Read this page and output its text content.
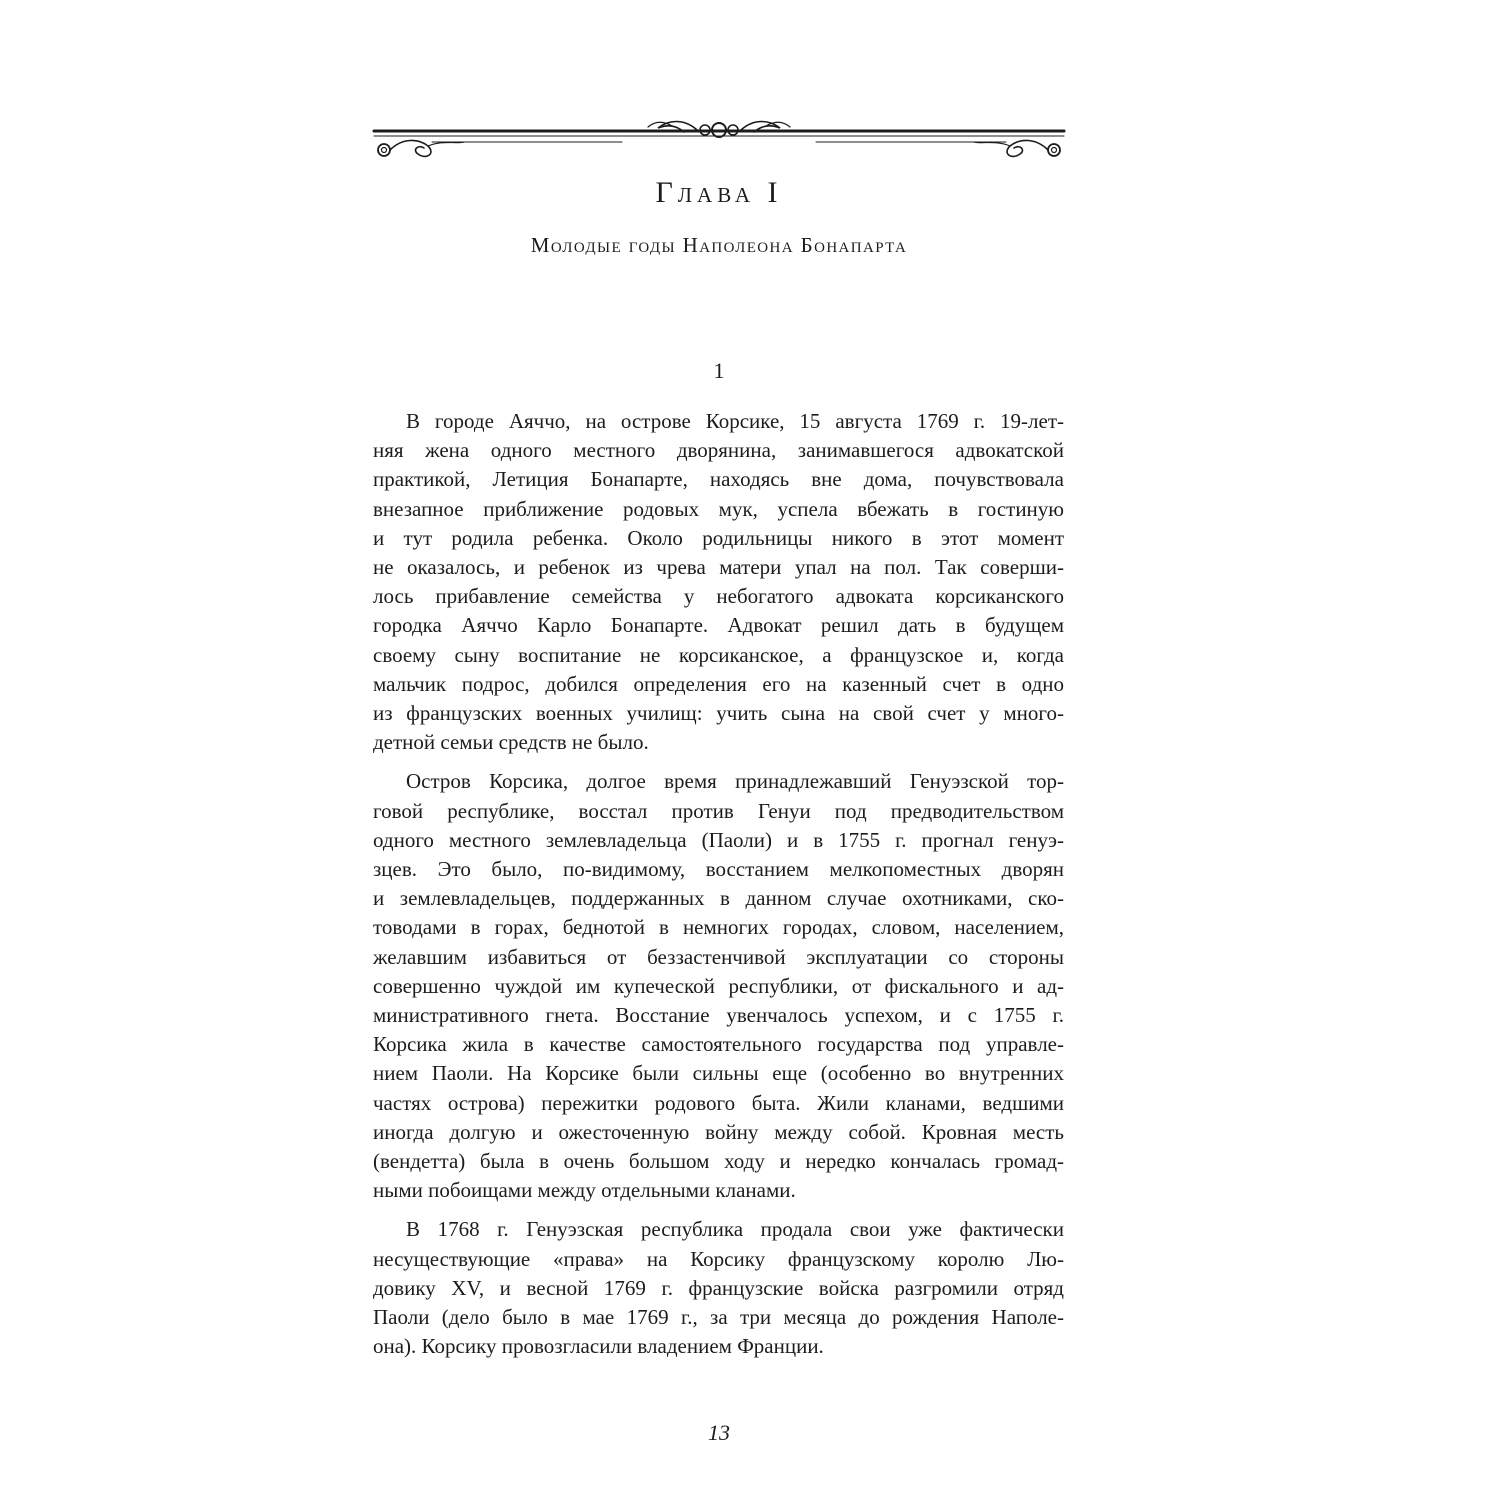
Глава I
Молодые годы Наполеона Бонапарта
1

В городе Аяччо, на острове Корсике, 15 августа 1769 г. 19-лет-
няя жена одного местного дворянина, занимавшегося адвокатской
практикой, Летиция Бонапарте, находясь вне дома, почувствовала
внезапное приближение родовых мук, успела вбежать в гостиную
и тут родила ребенка. Около родильницы никого в этот момент
не оказалось, и ребенок из чрева матери упал на пол. Так соверши-
лось прибавление семейства у небогатого адвоката корсиканского
городка Аяччо Карло Бонапарте. Адвокат решил дать в будущем
своему сыну воспитание не корсиканское, а французское и, когда
мальчик подрос, добился определения его на казенный счет в одно
из французских военных училищ: учить сына на свой счет у много-
детной семьи средств не было.

Остров Корсика, долгое время принадлежавший Генуэзской тор-
говой республике, восстал против Генуи под предводительством
одного местного землевладельца (Паоли) и в 1755 г. прогнал генуэ-
зцев. Это было, по-видимому, восстанием мелкопоместных дворян
и землевладельцев, поддержанных в данном случае охотниками, ско-
товодами в горах, беднотой в немногих городах, словом, населением,
желавшим избавиться от беззастенчивой эксплуатации со стороны
совершенно чуждой им купеческой республики, от фискального и ад-
министративного гнета. Восстание увенчалось успехом, и с 1755 г.
Корсика жила в качестве самостоятельного государства под управле-
нием Паоли. На Корсике были сильны еще (особенно во внутренних
частях острова) пережитки родового быта. Жили кланами, ведшими
иногда долгую и ожесточенную войну между собой. Кровная месть
(вендетта) была в очень большом ходу и нередко кончалась громад-
ными побоищами между отдельными кланами.

В 1768 г. Генуэзская республика продала свои уже фактически
несуществующие «права» на Корсику французскому королю Лю-
довику XV, и весной 1769 г. французские войска разгромили отряд
Паоли (дело было в мае 1769 г., за три месяца до рождения Наполе-
она). Корсику провозгласили владением Франции.

13
